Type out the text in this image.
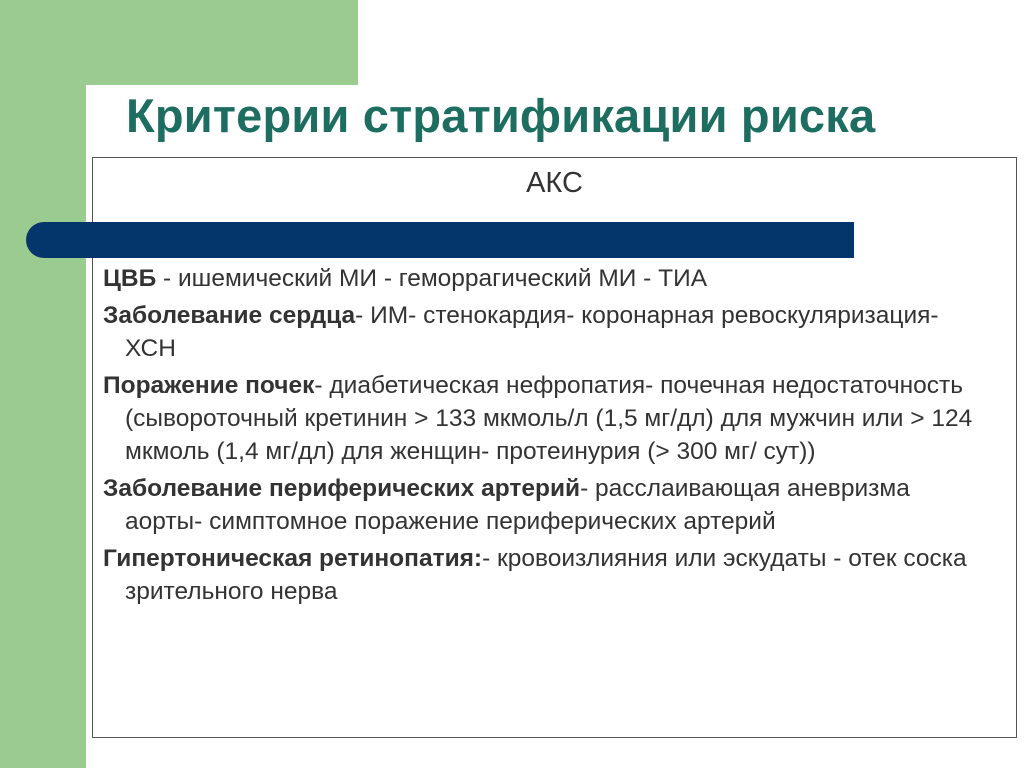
Критерии стратификации риска
АКС
ЦВБ - ишемический МИ - геморрагический МИ - ТИА
Заболевание сердца- ИМ- стенокардия- коронарная ревоскуляризация- ХСН
Поражение почек- диабетическая нефропатия- почечная недостаточность (сывороточный кретинин > 133 мкмоль/л (1,5 мг/дл) для мужчин или > 124 мкмоль (1,4 мг/дл) для женщин- протеинурия (> 300 мг/ сут))
Заболевание периферических артерий- расслаивающая аневризма аорты- симптомное поражение периферических артерий
Гипертоническая ретинопатия:- кровоизлияния или эскудаты - отек соска зрительного нерва
